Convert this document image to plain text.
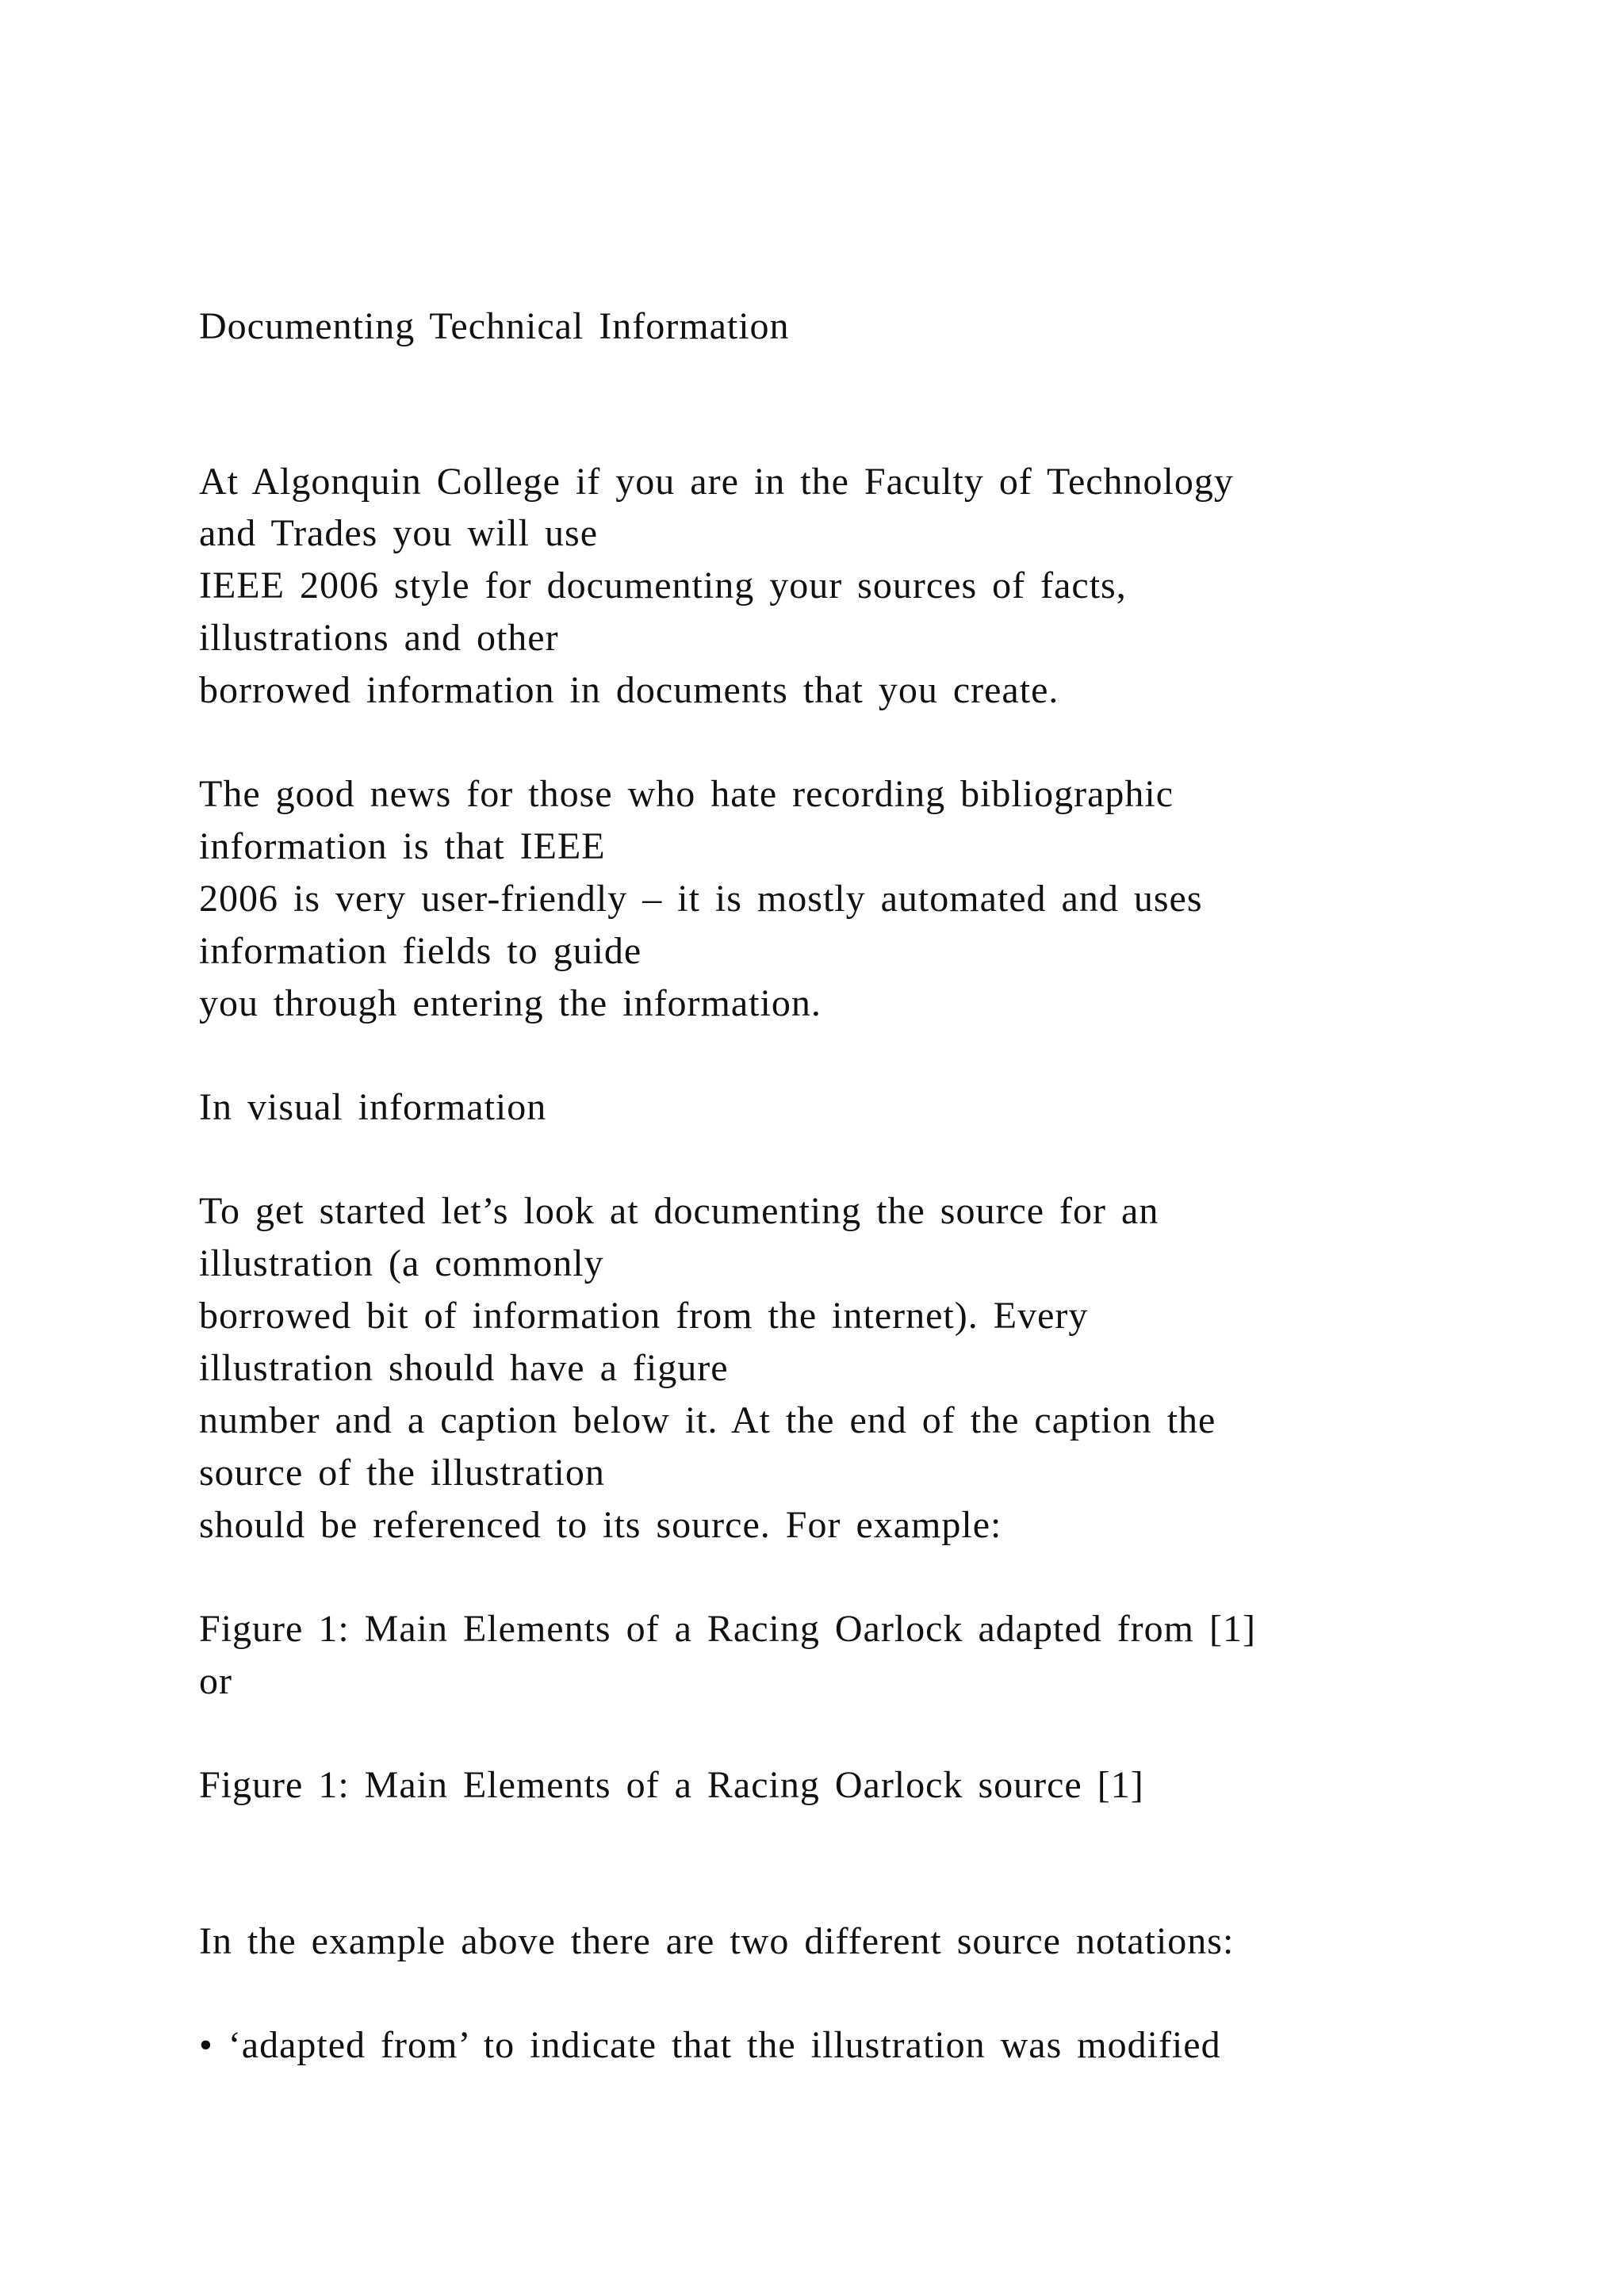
Documenting Technical Information

At Algonquin College if you are in the Faculty of Technology

and Trades you will use

IEEE 2006 style for documenting your sources of facts,

illustrations and other

borrowed information in documents that you create.

The good news for those who hate recording bibliographic

information is that IEEE

2006 is very user-friendly – it is mostly automated and uses

information fields to guide

you through entering the information.

In visual information

To get started let’s look at documenting the source for an

illustration (a commonly

borrowed bit of information from the internet). Every

illustration should have a figure

number and a caption below it. At the end of the caption the

source of the illustration

should be referenced to its source. For example:

Figure 1: Main Elements of a Racing Oarlock adapted from [1]

or

Figure 1: Main Elements of a Racing Oarlock source [1]

In the example above there are two different source notations:

• ‘adapted from’ to indicate that the illustration was modified
